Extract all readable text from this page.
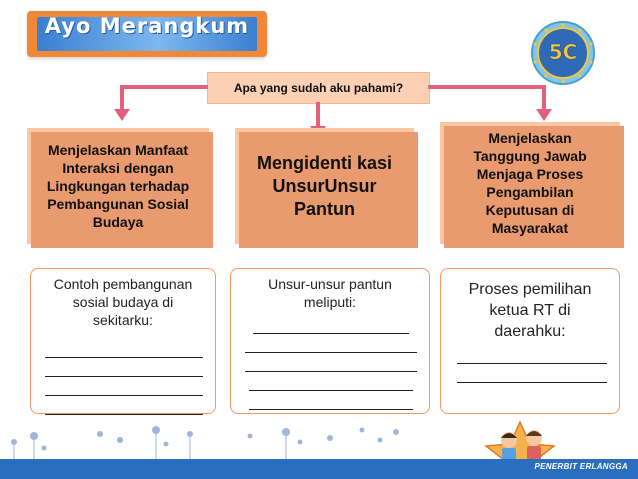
Ayo Merangkum
5C
Apa yang sudah aku pahami?
Menjelaskan Manfaat Interaksi dengan Lingkungan terhadap Pembangunan Sosial Budaya
Mengidenti kasi UnsurUnsur Pantun
Menjelaskan Tanggung Jawab Menjaga Proses Pengambilan Keputusan di Masyarakat
Contoh pembangunan sosial budaya di sekitarku:
Unsur-unsur pantun meliputi:
Proses pemilihan ketua RT di daerahku:
PENERBIT ERLANGGA
